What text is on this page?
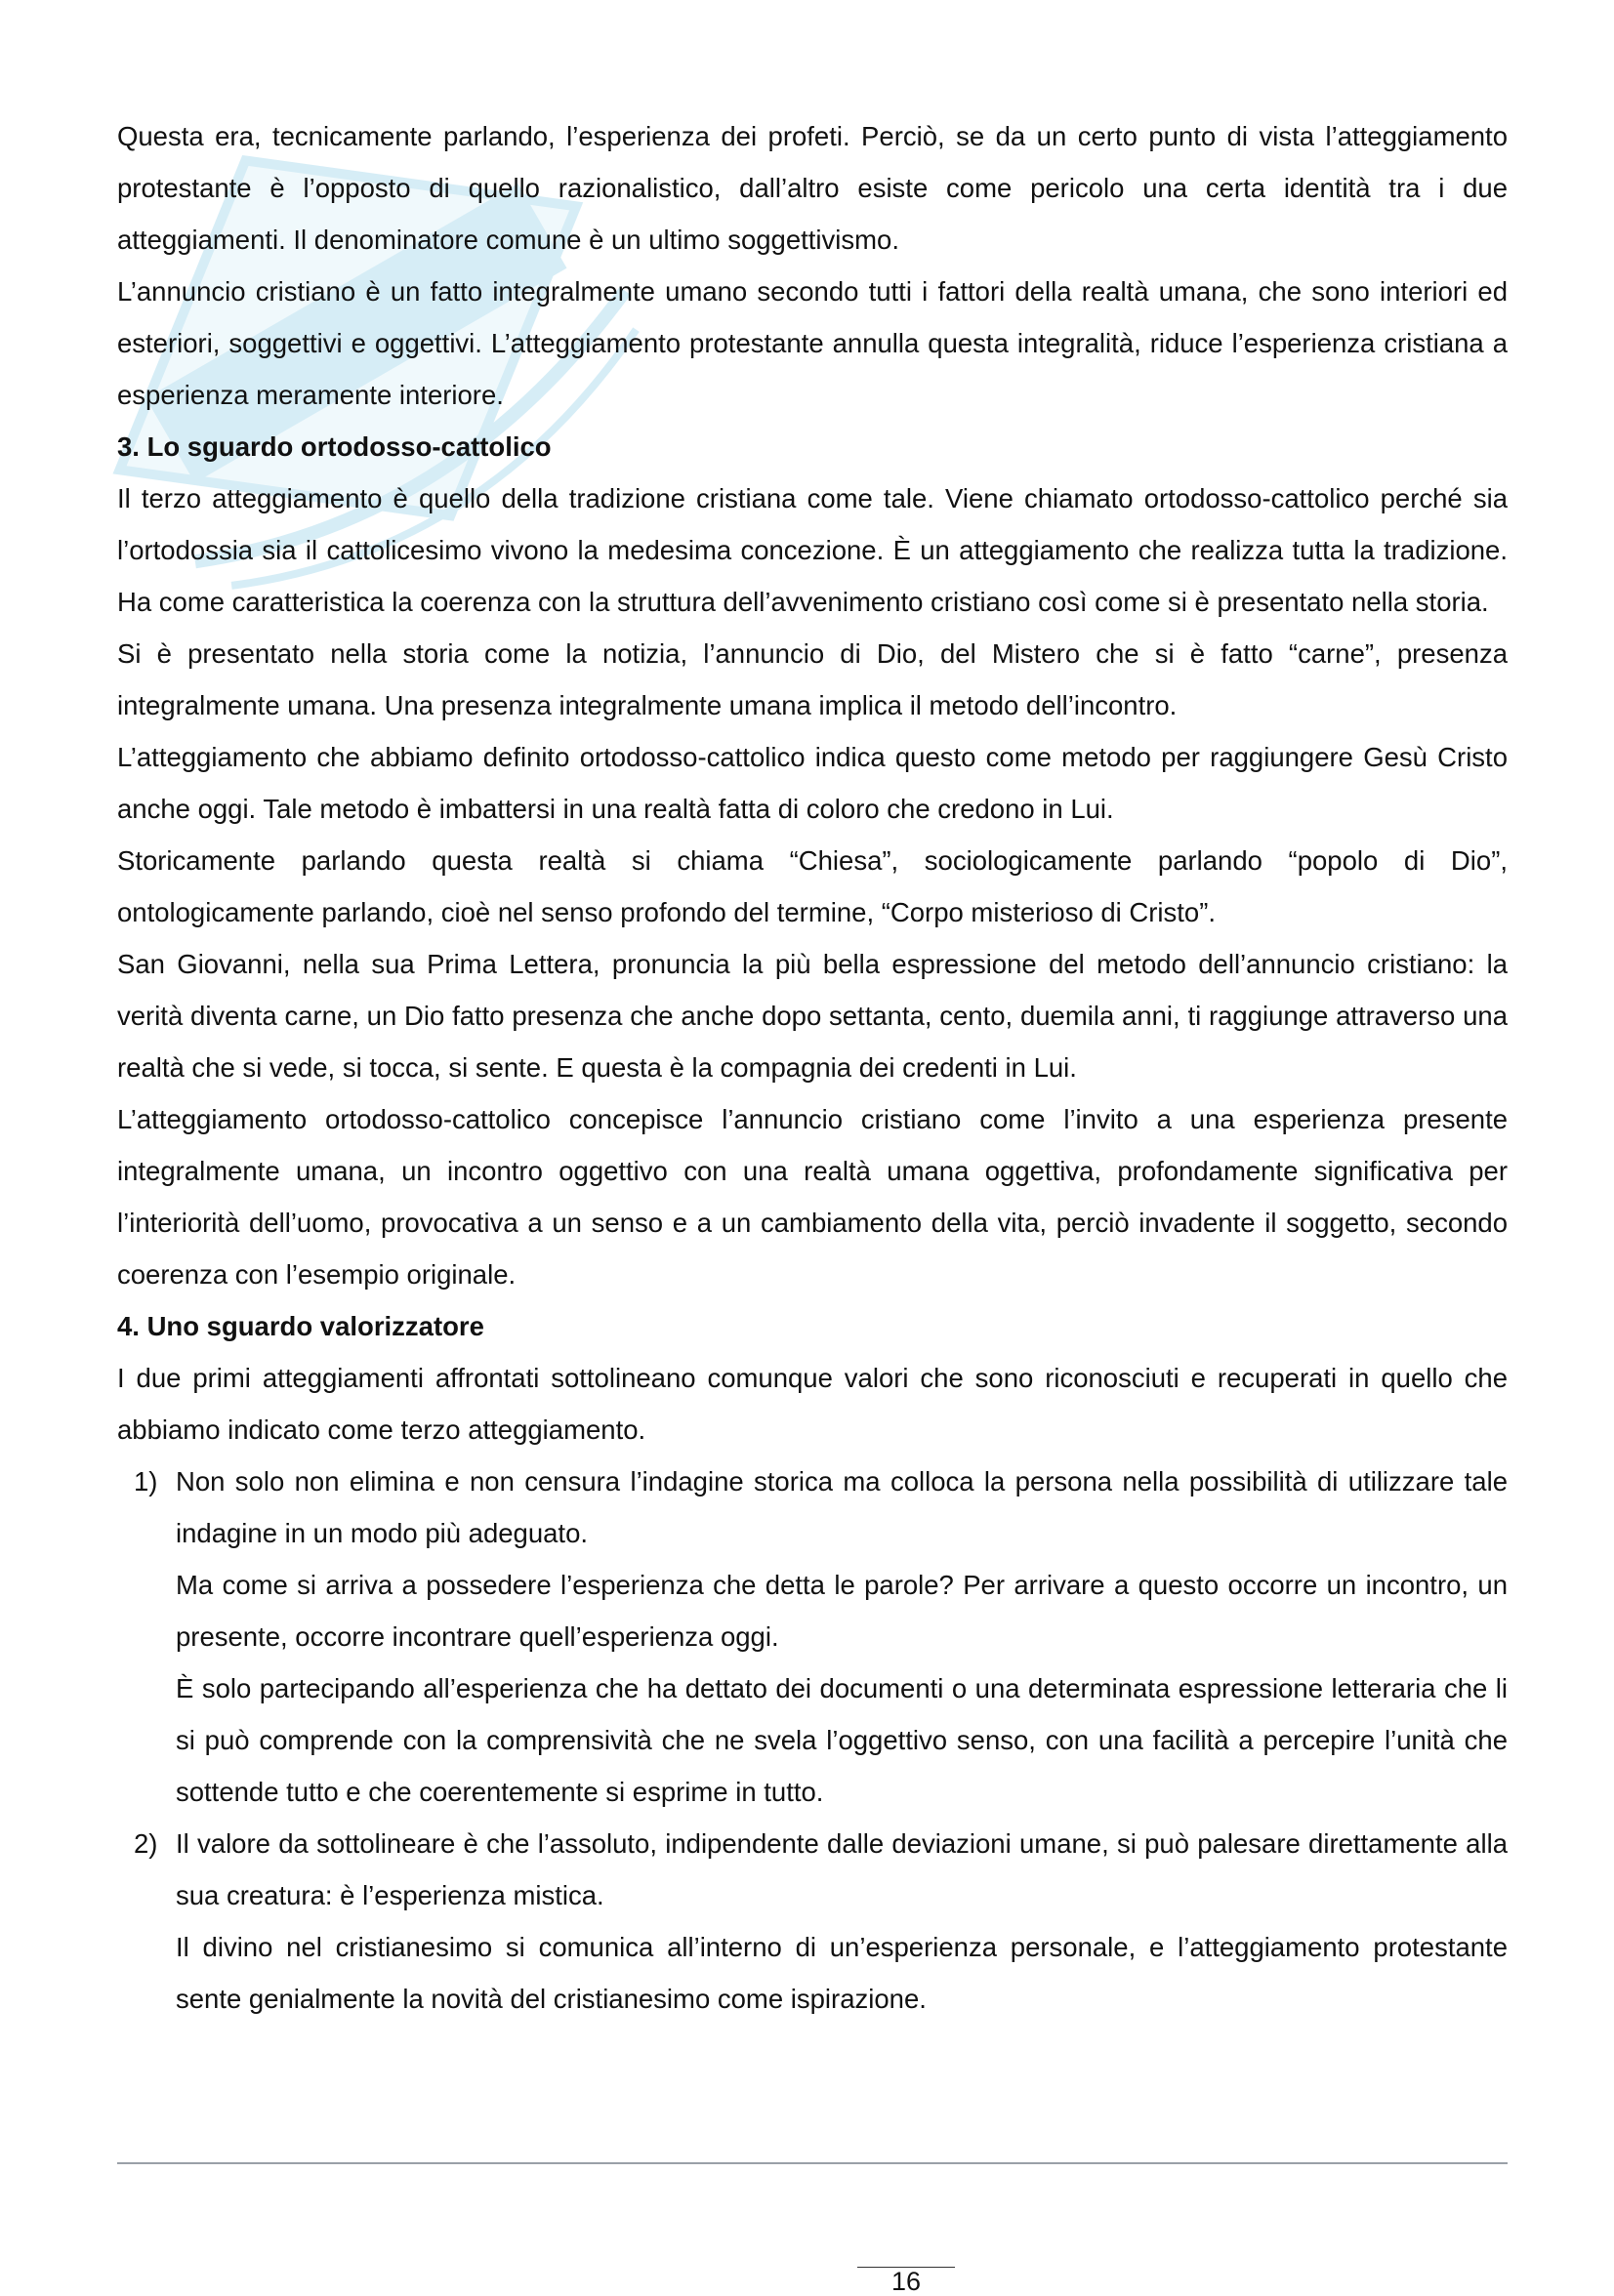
Questa era, tecnicamente parlando, l’esperienza dei profeti. Perciò, se da un certo punto di vista l’atteggiamento protestante è l’opposto di quello razionalistico, dall’altro esiste come pericolo una certa identità tra i due atteggiamenti. Il denominatore comune è un ultimo soggettivismo.

L’annuncio cristiano è un fatto integralmente umano secondo tutti i fattori della realtà umana, che sono interiori ed esteriori, soggettivi e oggettivi. L’atteggiamento protestante annulla questa integralità, riduce l’esperienza cristiana a esperienza meramente interiore.

3. Lo sguardo ortodosso-cattolico

Il terzo atteggiamento è quello della tradizione cristiana come tale. Viene chiamato ortodosso-cattolico perché sia l’ortodossia sia il cattolicesimo vivono la medesima concezione. È un atteggiamento che realizza tutta la tradizione. Ha come caratteristica la coerenza con la struttura dell’avvenimento cristiano così come si è presentato nella storia.

Si è presentato nella storia come la notizia, l’annuncio di Dio, del Mistero che si è fatto “carne”, presenza integralmente umana. Una presenza integralmente umana implica il metodo dell’incontro.

L’atteggiamento che abbiamo definito ortodosso-cattolico indica questo come metodo per raggiungere Gesù Cristo anche oggi. Tale metodo è imbattersi in una realtà fatta di coloro che credono in Lui.

Storicamente parlando questa realtà si chiama “Chiesa”, sociologicamente parlando “popolo di Dio”, ontologicamente parlando, cioè nel senso profondo del termine, “Corpo misterioso di Cristo”.

San Giovanni, nella sua Prima Lettera, pronuncia la più bella espressione del metodo dell’annuncio cristiano: la verità diventa carne, un Dio fatto presenza che anche dopo settanta, cento, duemila anni, ti raggiunge attraverso una realtà che si vede, si tocca, si sente. E questa è la compagnia dei credenti in Lui.

L’atteggiamento ortodosso-cattolico concepisce l’annuncio cristiano come l’invito a una esperienza presente integralmente umana, un incontro oggettivo con una realtà umana oggettiva, profondamente significativa per l’interiorità dell’uomo, provocativa a un senso e a un cambiamento della vita, perciò invadente il soggetto, secondo coerenza con l’esempio originale.

4. Uno sguardo valorizzatore

I due primi atteggiamenti affrontati sottolineano comunque valori che sono riconosciuti e recuperati in quello che abbiamo indicato come terzo atteggiamento.

1) Non solo non elimina e non censura l’indagine storica ma colloca la persona nella possibilità di utilizzare tale indagine in un modo più adeguato.

Ma come si arriva a possedere l’esperienza che detta le parole? Per arrivare a questo occorre un incontro, un presente, occorre incontrare quell’esperienza oggi.

È solo partecipando all’esperienza che ha dettato dei documenti o una determinata espressione letteraria che li si può comprende con la comprensività che ne svela l’oggettivo senso, con una facilità a percepire l’unità che sottende tutto e che coerentemente si esprime in tutto.

2) Il valore da sottolineare è che l’assoluto, indipendente dalle deviazioni umane, si può palesare direttamente alla sua creatura: è l’esperienza mistica.

Il divino nel cristianesimo si comunica all’interno di un’esperienza personale, e l’atteggiamento protestante sente genialmente la novità del cristianesimo come ispirazione.

16
